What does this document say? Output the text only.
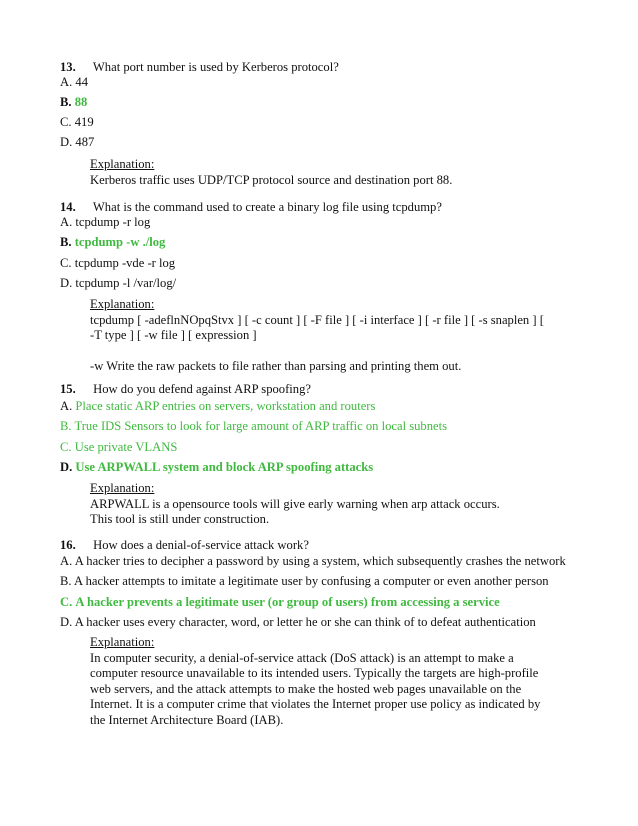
13. What port number is used by Kerberos protocol?
A. 44
B. 88
C. 419
D. 487
Explanation:
Kerberos traffic uses UDP/TCP protocol source and destination port 88.
14. What is the command used to create a binary log file using tcpdump?
A. tcpdump -r log
B. tcpdump -w ./log
C. tcpdump -vde -r log
D. tcpdump -l /var/log/
Explanation:
tcpdump [ -adeflnNOpqStvx ] [ -c count ] [ -F file ] [ -i interface ] [ -r file ] [ -s snaplen ] [
-T type ] [ -w file ] [ expression ]
-w Write the raw packets to file rather than parsing and printing them out.
15. How do you defend against ARP spoofing?
A. Place static ARP entries on servers, workstation and routers
B. True IDS Sensors to look for large amount of ARP traffic on local subnets
C. Use private VLANS
D. Use ARPWALL system and block ARP spoofing attacks
Explanation:
ARPWALL is a opensource tools will give early warning when arp attack occurs.
This tool is still under construction.
16. How does a denial-of-service attack work?
A. A hacker tries to decipher a password by using a system, which subsequently crashes the network
B. A hacker attempts to imitate a legitimate user by confusing a computer or even another person
C. A hacker prevents a legitimate user (or group of users) from accessing a service
D. A hacker uses every character, word, or letter he or she can think of to defeat authentication
Explanation:
In computer security, a denial-of-service attack (DoS attack) is an attempt to make a
computer resource unavailable to its intended users. Typically the targets are high-profile
web servers, and the attack attempts to make the hosted web pages unavailable on the
Internet. It is a computer crime that violates the Internet proper use policy as indicated by
the Internet Architecture Board (IAB).
